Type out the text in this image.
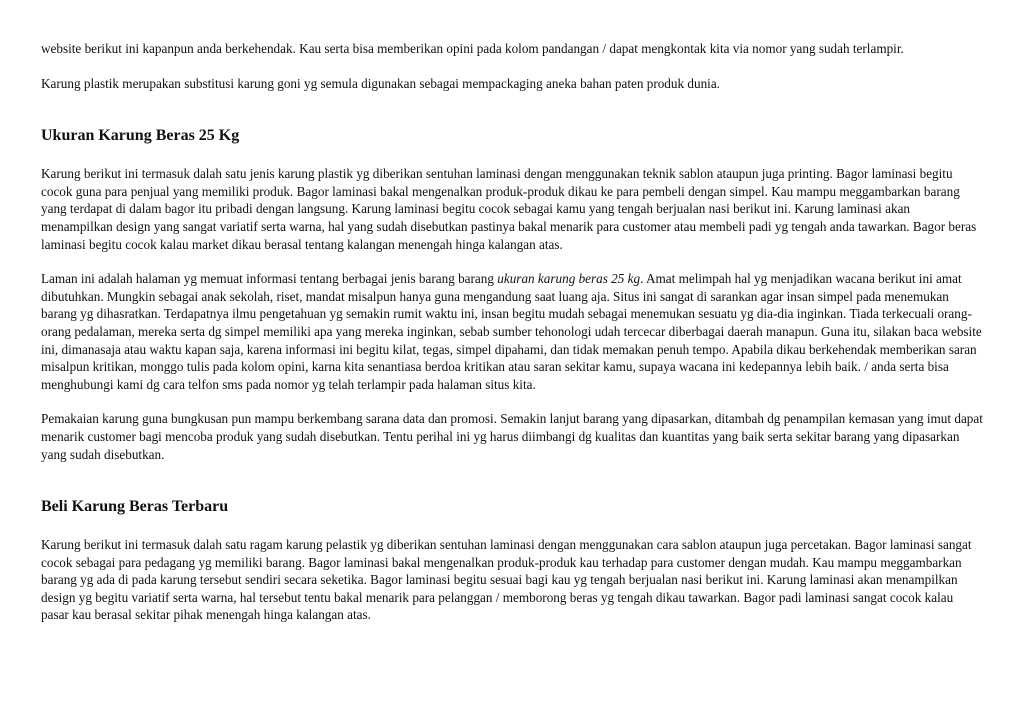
website berikut ini kapanpun anda berkehendak. Kau serta bisa memberikan opini pada kolom pandangan / dapat mengkontak kita via nomor yang sudah terlampir.

Karung plastik merupakan substitusi karung goni yg semula digunakan sebagai mempackaging aneka bahan paten produk dunia.

Ukuran Karung Beras 25 Kg

Karung berikut ini termasuk dalah satu jenis karung plastik yg diberikan sentuhan laminasi dengan menggunakan teknik sablon ataupun juga printing. Bagor laminasi begitu cocok guna para penjual yang memiliki produk. Bagor laminasi bakal mengenalkan produk-produk dikau ke para pembeli dengan simpel. Kau mampu meggambarkan barang yang terdapat di dalam bagor itu pribadi dengan langsung. Karung laminasi begitu cocok sebagai kamu yang tengah berjualan nasi berikut ini. Karung laminasi akan menampilkan design yang sangat variatif serta warna, hal yang sudah disebutkan pastinya bakal menarik para customer atau membeli padi yg tengah anda tawarkan. Bagor beras laminasi begitu cocok kalau market dikau berasal tentang kalangan menengah hinga kalangan atas.

Laman ini adalah halaman yg memuat informasi tentang berbagai jenis barang barang ukuran karung beras 25 kg. Amat melimpah hal yg menjadikan wacana berikut ini amat dibutuhkan. Mungkin sebagai anak sekolah, riset, mandat misalpun hanya guna mengandung saat luang aja. Situs ini sangat di sarankan agar insan simpel pada menemukan barang yg dihasratkan. Terdapatnya ilmu pengetahuan yg semakin rumit waktu ini, insan begitu mudah sebagai menemukan sesuatu yg dia-dia inginkan. Tiada terkecuali orang-orang pedalaman, mereka serta dg simpel memiliki apa yang mereka inginkan, sebab sumber tehonologi udah tercecar diberbagai daerah manapun. Guna itu, silakan baca website ini, dimanasaja atau waktu kapan saja, karena informasi ini begitu kilat, tegas, simpel dipahami, dan tidak memakan penuh tempo. Apabila dikau berkehendak memberikan saran misalpun kritikan, monggo tulis pada kolom opini, karna kita senantiasa berdoa kritikan atau saran sekitar kamu, supaya wacana ini kedepannya lebih baik. / anda serta bisa menghubungi kami dg cara telfon sms pada nomor yg telah terlampir pada halaman situs kita.

Pemakaian karung guna bungkusan pun mampu berkembang sarana data dan promosi. Semakin lanjut barang yang dipasarkan, ditambah dg penampilan kemasan yang imut dapat menarik customer bagi mencoba produk yang sudah disebutkan. Tentu perihal ini yg harus diimbangi dg kualitas dan kuantitas yang baik serta sekitar barang yang dipasarkan yang sudah disebutkan.

Beli Karung Beras Terbaru

Karung berikut ini termasuk dalah satu ragam karung pelastik yg diberikan sentuhan laminasi dengan menggunakan cara sablon ataupun juga percetakan. Bagor laminasi sangat cocok sebagai para pedagang yg memiliki barang. Bagor laminasi bakal mengenalkan produk-produk kau terhadap para customer dengan mudah. Kau mampu meggambarkan barang yg ada di pada karung tersebut sendiri secara seketika. Bagor laminasi begitu sesuai bagi kau yg tengah berjualan nasi berikut ini. Karung laminasi akan menampilkan design yg begitu variatif serta warna, hal tersebut tentu bakal menarik para pelanggan / memborong beras yg tengah dikau tawarkan. Bagor padi laminasi sangat cocok kalau pasar kau berasal sekitar pihak menengah hinga kalangan atas.
